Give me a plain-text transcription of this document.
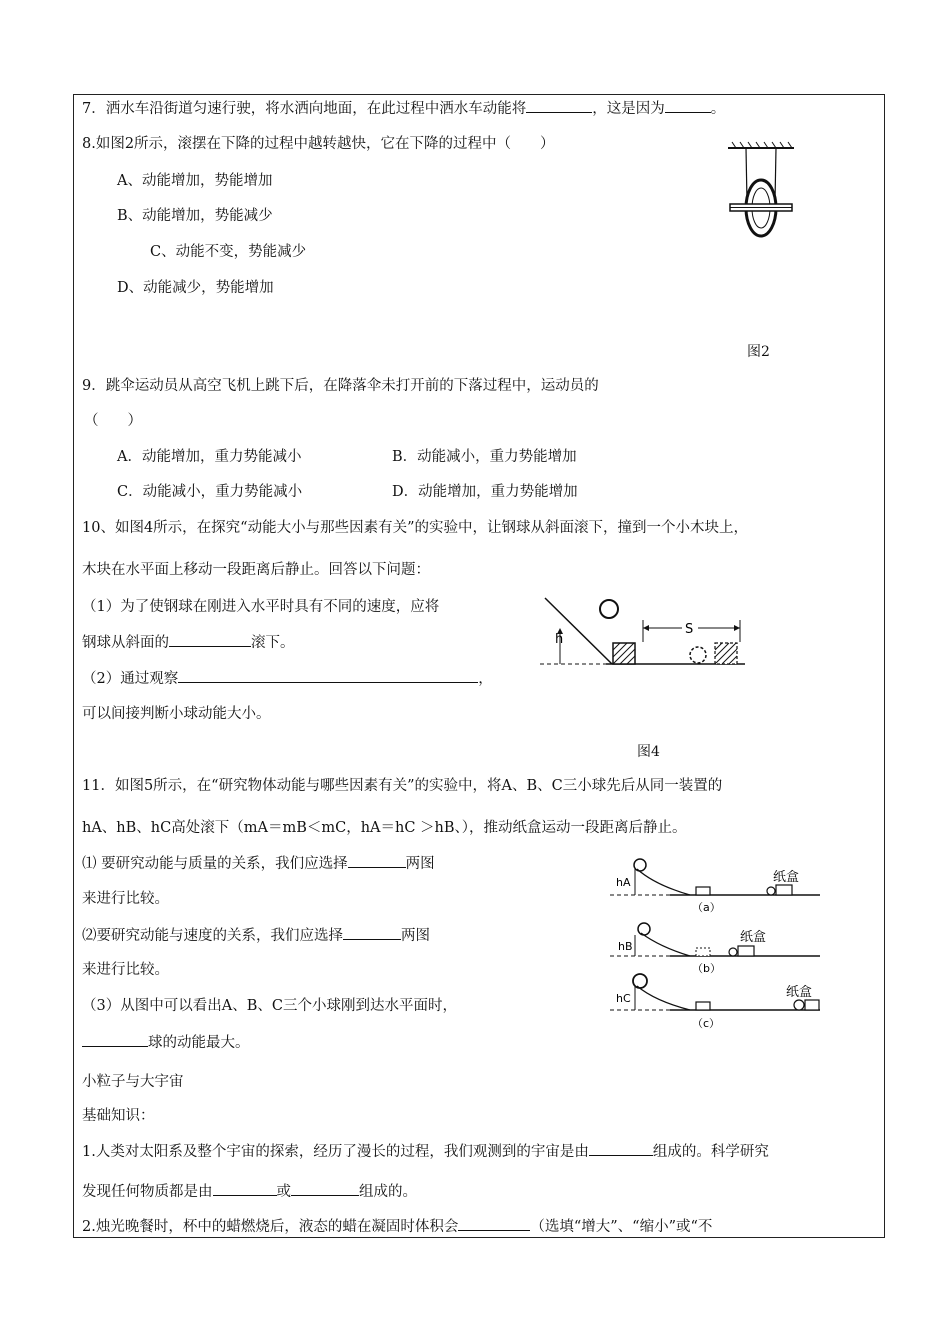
7．洒水车沿街道匀速行驶，将水洒向地面，在此过程中洒水车动能将	，这是因为	。
8.如图2所示，滚摆在下降的过程中越转越快，它在下降的过程中（　　）
A、动能增加，势能增加
B、动能增加，势能减少
C、动能不变，势能减少
D、动能减少，势能增加
图2
9．跳伞运动员从高空飞机上跳下后，在降落伞未打开前的下落过程中，运动员的
（　　）
A．动能增加，重力势能减小	B．动能减小，重力势能增加
C．动能减小，重力势能减小	D．动能增加，重力势能增加
10、如图4所示，在探究“动能大小与那些因素有关”的实验中，让钢球从斜面滚下，撞到一个小木块上，
木块在水平面上移动一段距离后静止。回答以下问题：
（1）为了使钢球在刚进入水平时具有不同的速度，应将
钢球从斜面的	滚下。
（2）通过观察	，
可以间接判断小球动能大小。
h
S
图4
11．如图5所示，在“研究物体动能与哪些因素有关”的实验中，将A、B、C三小球先后从同一装置的
hA、hB、hC高处滚下（mA＝mB＜mC，hA＝hC ＞hB、），推动纸盒运动一段距离后静止。
⑴ 要研究动能与质量的关系，我们应选择	两图
来进行比较。
⑵要研究动能与速度的关系，我们应选择	两图
来进行比较。
（3）从图中可以看出A、B、C三个小球刚到达水平面时，
球的动能最大。
hA	纸盒
（a）
hB
纸盒
（b）
hC	纸盒
（c）
小粒子与大宇宙
基础知识：
1.人类对太阳系及整个宇宙的探索，经历了漫长的过程，我们观测到的宇宙是由	组成的。科学研究
发现任何物质都是由	或	组成的。
2.烛光晚餐时，杯中的蜡燃烧后，液态的蜡在凝固时体积会	（选填“增大”、“缩小”或“不
